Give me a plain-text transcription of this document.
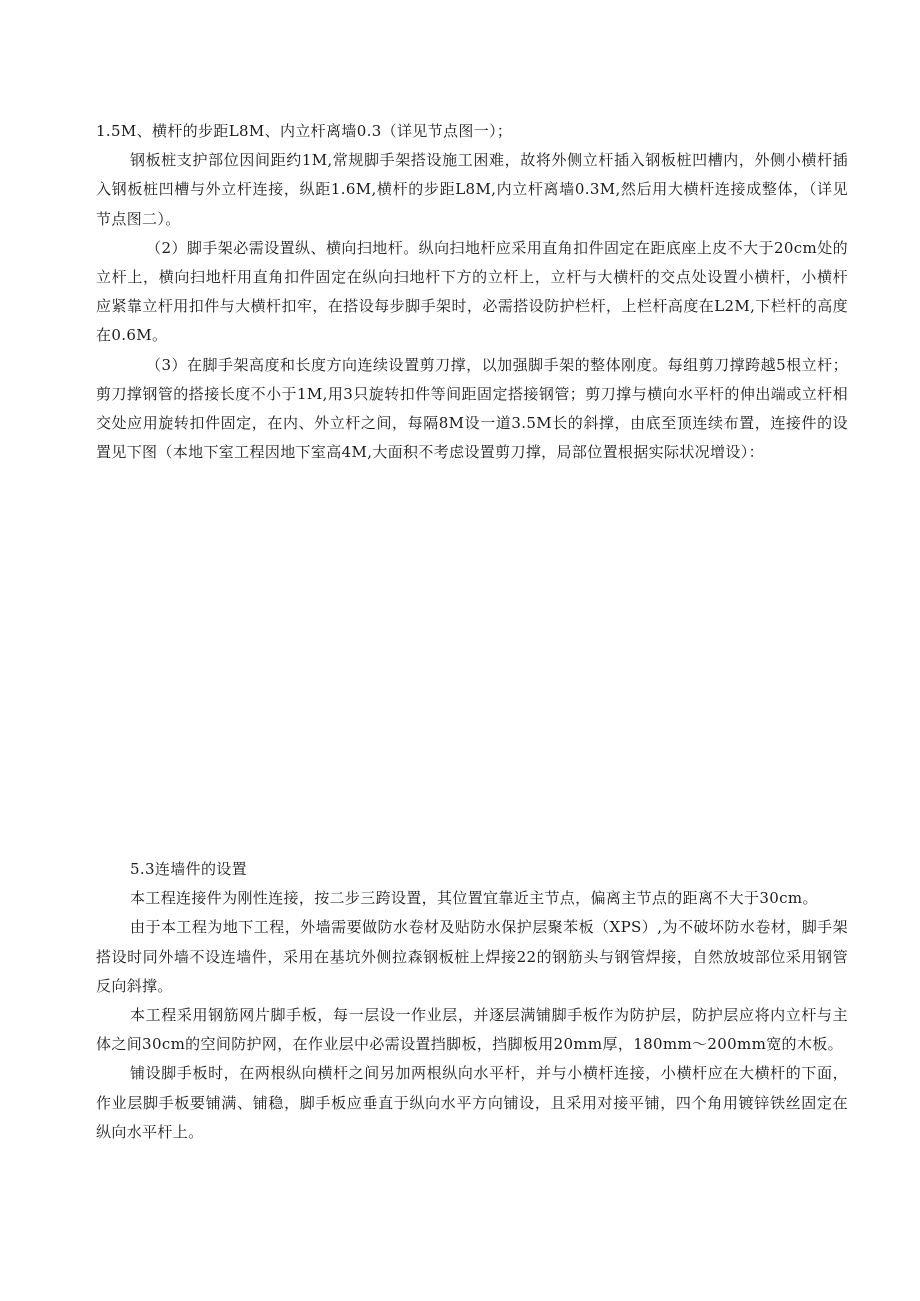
1.5M、横杆的步距L8M、内立杆离墙0.3（详见节点图一）；

钢板桩支护部位因间距约1M,常规脚手架搭设施工困难，故将外侧立杆插入钢板桩凹槽内，外侧小横杆插入钢板桩凹槽与外立杆连接，纵距1.6M,横杆的步距L8M,内立杆离墙0.3M,然后用大横杆连接成整体，（详见节点图二）。

（2）脚手架必需设置纵、横向扫地杆。纵向扫地杆应采用直角扣件固定在距底座上皮不大于20cm处的立杆上，横向扫地杆用直角扣件固定在纵向扫地杆下方的立杆上，立杆与大横杆的交点处设置小横杆，小横杆应紧靠立杆用扣件与大横杆扣牢，在搭设每步脚手架时，必需搭设防护栏杆，上栏杆高度在L2M,下栏杆的高度在0.6M。

（3）在脚手架高度和长度方向连续设置剪刀撑，以加强脚手架的整体刚度。每组剪刀撑跨越5根立杆；剪刀撑钢管的搭接长度不小于1M,用3只旋转扣件等间距固定搭接钢管；剪刀撑与横向水平杆的伸出端或立杆相交处应用旋转扣件固定，在内、外立杆之间，每隔8M设一道3.5M长的斜撑，由底至顶连续布置，连接件的设置见下图（本地下室工程因地下室高4M,大面积不考虑设置剪刀撑，局部位置根据实际状况增设）：

5.3连墙件的设置

本工程连接件为刚性连接，按二步三跨设置，其位置宜靠近主节点，偏离主节点的距离不大于30cm。

由于本工程为地下工程，外墙需要做防水卷材及贴防水保护层聚苯板（XPS）,为不破坏防水卷材，脚手架搭设时同外墙不设连墙件，采用在基坑外侧拉森钢板桩上焊接22的钢筋头与钢管焊接，自然放坡部位采用钢管反向斜撑。

本工程采用钢筋网片脚手板，每一层设一作业层，并逐层满铺脚手板作为防护层，防护层应将内立杆与主体之间30cm的空间防护网，在作业层中必需设置挡脚板，挡脚板用20mm厚，180mm～200mm宽的木板。

铺设脚手板时，在两根纵向横杆之间另加两根纵向水平杆，并与小横杆连接，小横杆应在大横杆的下面，作业层脚手板要铺满、铺稳，脚手板应垂直于纵向水平方向铺设，且采用对接平铺，四个角用镀锌铁丝固定在纵向水平杆上。
